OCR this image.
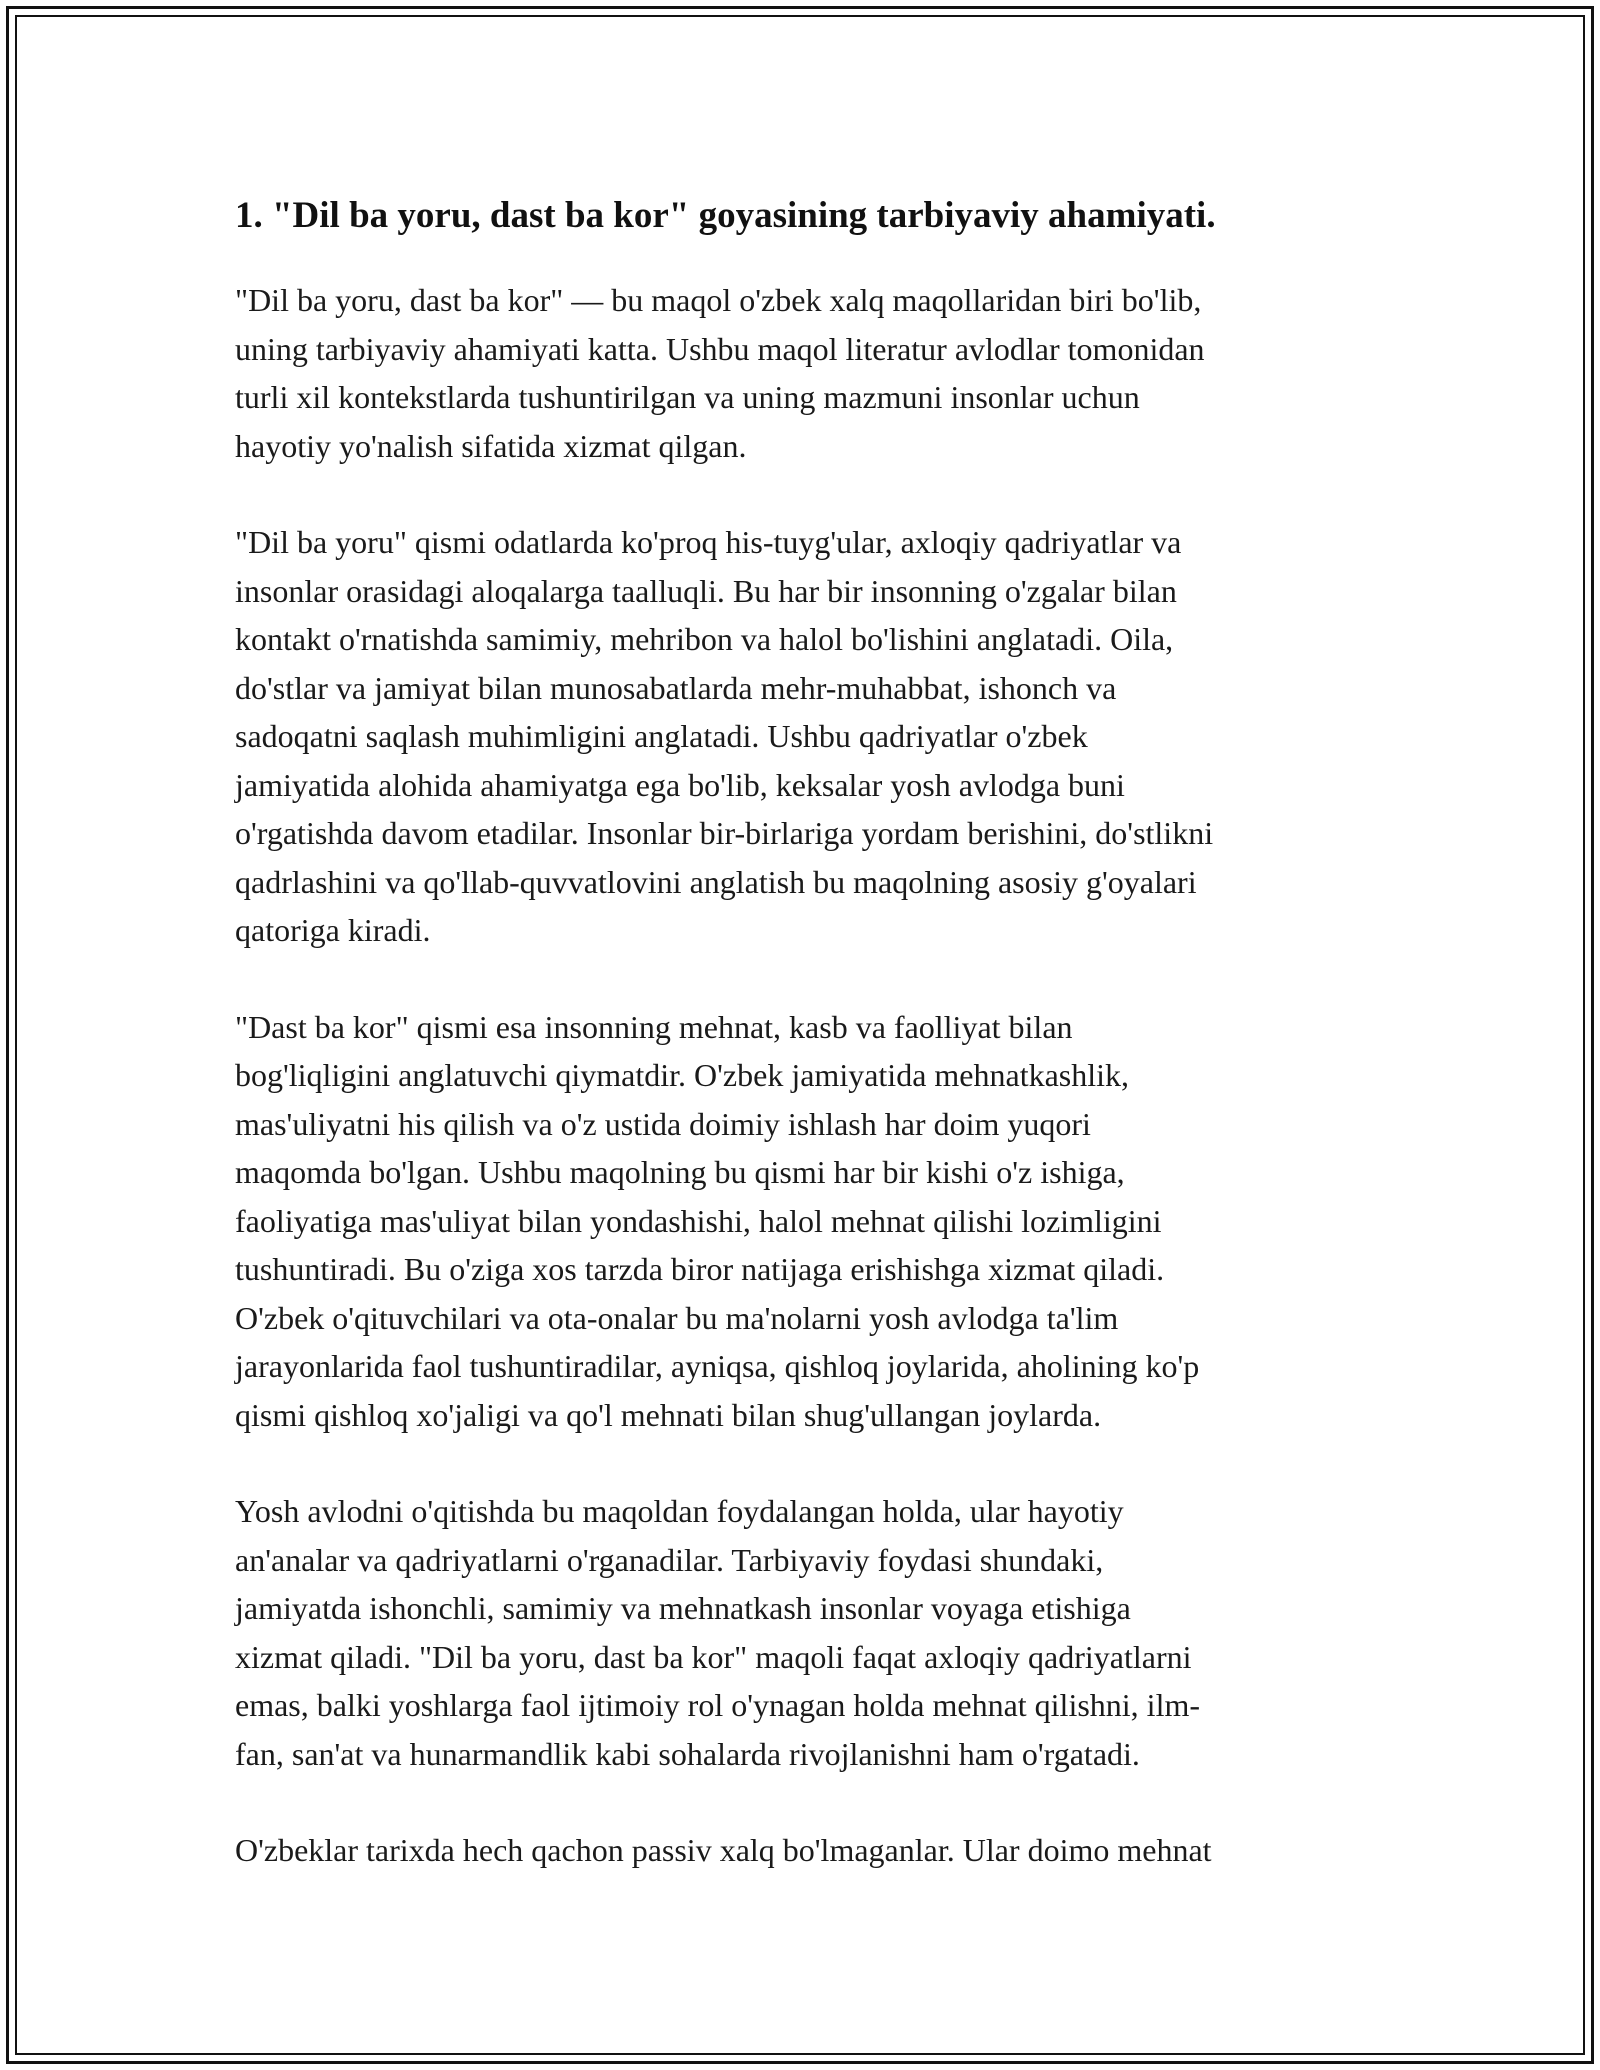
1. "Dil ba yoru, dast ba kor" goyasining tarbiyaviy ahamiyati.

"Dil ba yoru, dast ba kor" — bu maqol o'zbek xalq maqollaridan biri bo'lib,
uning tarbiyaviy ahamiyati katta. Ushbu maqol literatur avlodlar tomonidan
turli xil kontekstlarda tushuntirilgan va uning mazmuni insonlar uchun
hayotiy yo'nalish sifatida xizmat qilgan.

"Dil ba yoru" qismi odatlarda ko'proq his-tuyg'ular, axloqiy qadriyatlar va
insonlar orasidagi aloqalarga taalluqli. Bu har bir insonning o'zgalar bilan
kontakt o'rnatishda samimiy, mehribon va halol bo'lishini anglatadi. Oila,
do'stlar va jamiyat bilan munosabatlarda mehr-muhabbat, ishonch va
sadoqatni saqlash muhimligini anglatadi. Ushbu qadriyatlar o'zbek
jamiyatida alohida ahamiyatga ega bo'lib, keksalar yosh avlodga buni
o'rgatishda davom etadilar. Insonlar bir-birlariga yordam berishini, do'stlikni
qadrlashini va qo'llab-quvvatlovini anglatish bu maqolning asosiy g'oyalari
qatoriga kiradi.

"Dast ba kor" qismi esa insonning mehnat, kasb va faolliyat bilan
bog'liqligini anglatuvchi qiymatdir. O'zbek jamiyatida mehnatkashlik,
mas'uliyatni his qilish va o'z ustida doimiy ishlash har doim yuqori
maqomda bo'lgan. Ushbu maqolning bu qismi har bir kishi o'z ishiga,
faoliyatiga mas'uliyat bilan yondashishi, halol mehnat qilishi lozimligini
tushuntiradi. Bu o'ziga xos tarzda biror natijaga erishishga xizmat qiladi.
O'zbek o'qituvchilari va ota-onalar bu ma'nolarni yosh avlodga ta'lim
jarayonlarida faol tushuntiradilar, ayniqsa, qishloq joylarida, aholining ko'p
qismi qishloq xo'jaligi va qo'l mehnati bilan shug'ullangan joylarda.

Yosh avlodni o'qitishda bu maqoldan foydalangan holda, ular hayotiy
an'analar va qadriyatlarni o'rganadilar. Tarbiyaviy foydasi shundaki,
jamiyatda ishonchli, samimiy va mehnatkash insonlar voyaga etishiga
xizmat qiladi. "Dil ba yoru, dast ba kor" maqoli faqat axloqiy qadriyatlarni
emas, balki yoshlarga faol ijtimoiy rol o'ynagan holda mehnat qilishni, ilm-
fan, san'at va hunarmandlik kabi sohalarda rivojlanishni ham o'rgatadi.

O'zbeklar tarixda hech qachon passiv xalq bo'lmaganlar. Ular doimo mehnat
